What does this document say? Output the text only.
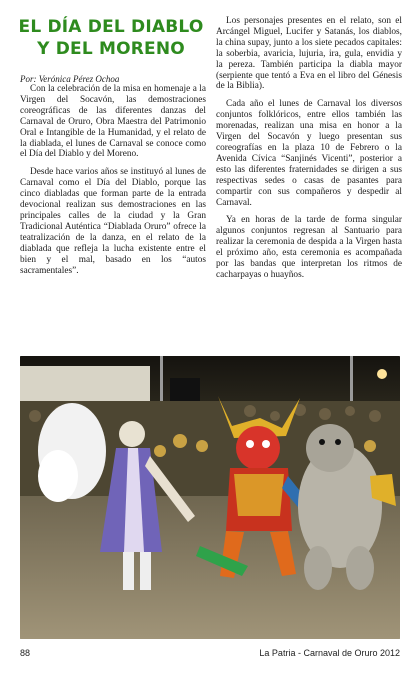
EL DÍA DEL DIABLO Y DEL MORENO

Por: Verónica Pérez Ochoa

Con la celebración de la misa en homenaje a la Virgen del Socavón, las demostraciones coreográficas de las diferentes danzas del Carnaval de Oruro, Obra Maestra del Patrimonio Oral e Intangible de la Humanidad, y el relato de la diablada, el lunes de Carnaval se conoce como el Día del Diablo y del Moreno.

Desde hace varios años se instituyó al lunes de Carnaval como el Día del Diablo, porque las cinco diabladas que forman parte de la entrada devocional realizan sus demostraciones en las principales calles de la ciudad y la Gran Tradicional Auténtica “Diablada Oruro” ofrece la teatralización de la danza, en el relato de la diablada que refleja la lucha existente entre el bien y el mal, basado en los “autos sacramentales”.

Los personajes presentes en el relato, son el Arcángel Miguel, Lucifer y Satanás, los diablos, la china supay, junto a los siete pecados capitales: la soberbia, avaricia, lujuria, ira, gula, envidia y la pereza. También participa la diabla mayor (serpiente que tentó a Eva en el libro del Génesis de la Biblia).

Cada año el lunes de Carnaval los diversos conjuntos folklóricos, entre ellos también las morenadas, realizan una misa en honor a la Virgen del Socavón y luego presentan sus coreografías en la plaza 10 de Febrero o la Avenida Cívica “Sanjinés Vicenti”, posterior a esto las diferentes fraternidades se dirigen a sus respectivas sedes o casas de pasantes para compartir con sus compañeros y despedir al Carnaval.

Ya en horas de la tarde de forma singular algunos conjuntos regresan al Santuario para realizar la ceremonia de despida a la Virgen hasta el próximo año, esta ceremonia es acompañada por las bandas que interpretan los ritmos de cacharpayas o huayños.

88	La Patria - Carnaval de Oruro 2012
